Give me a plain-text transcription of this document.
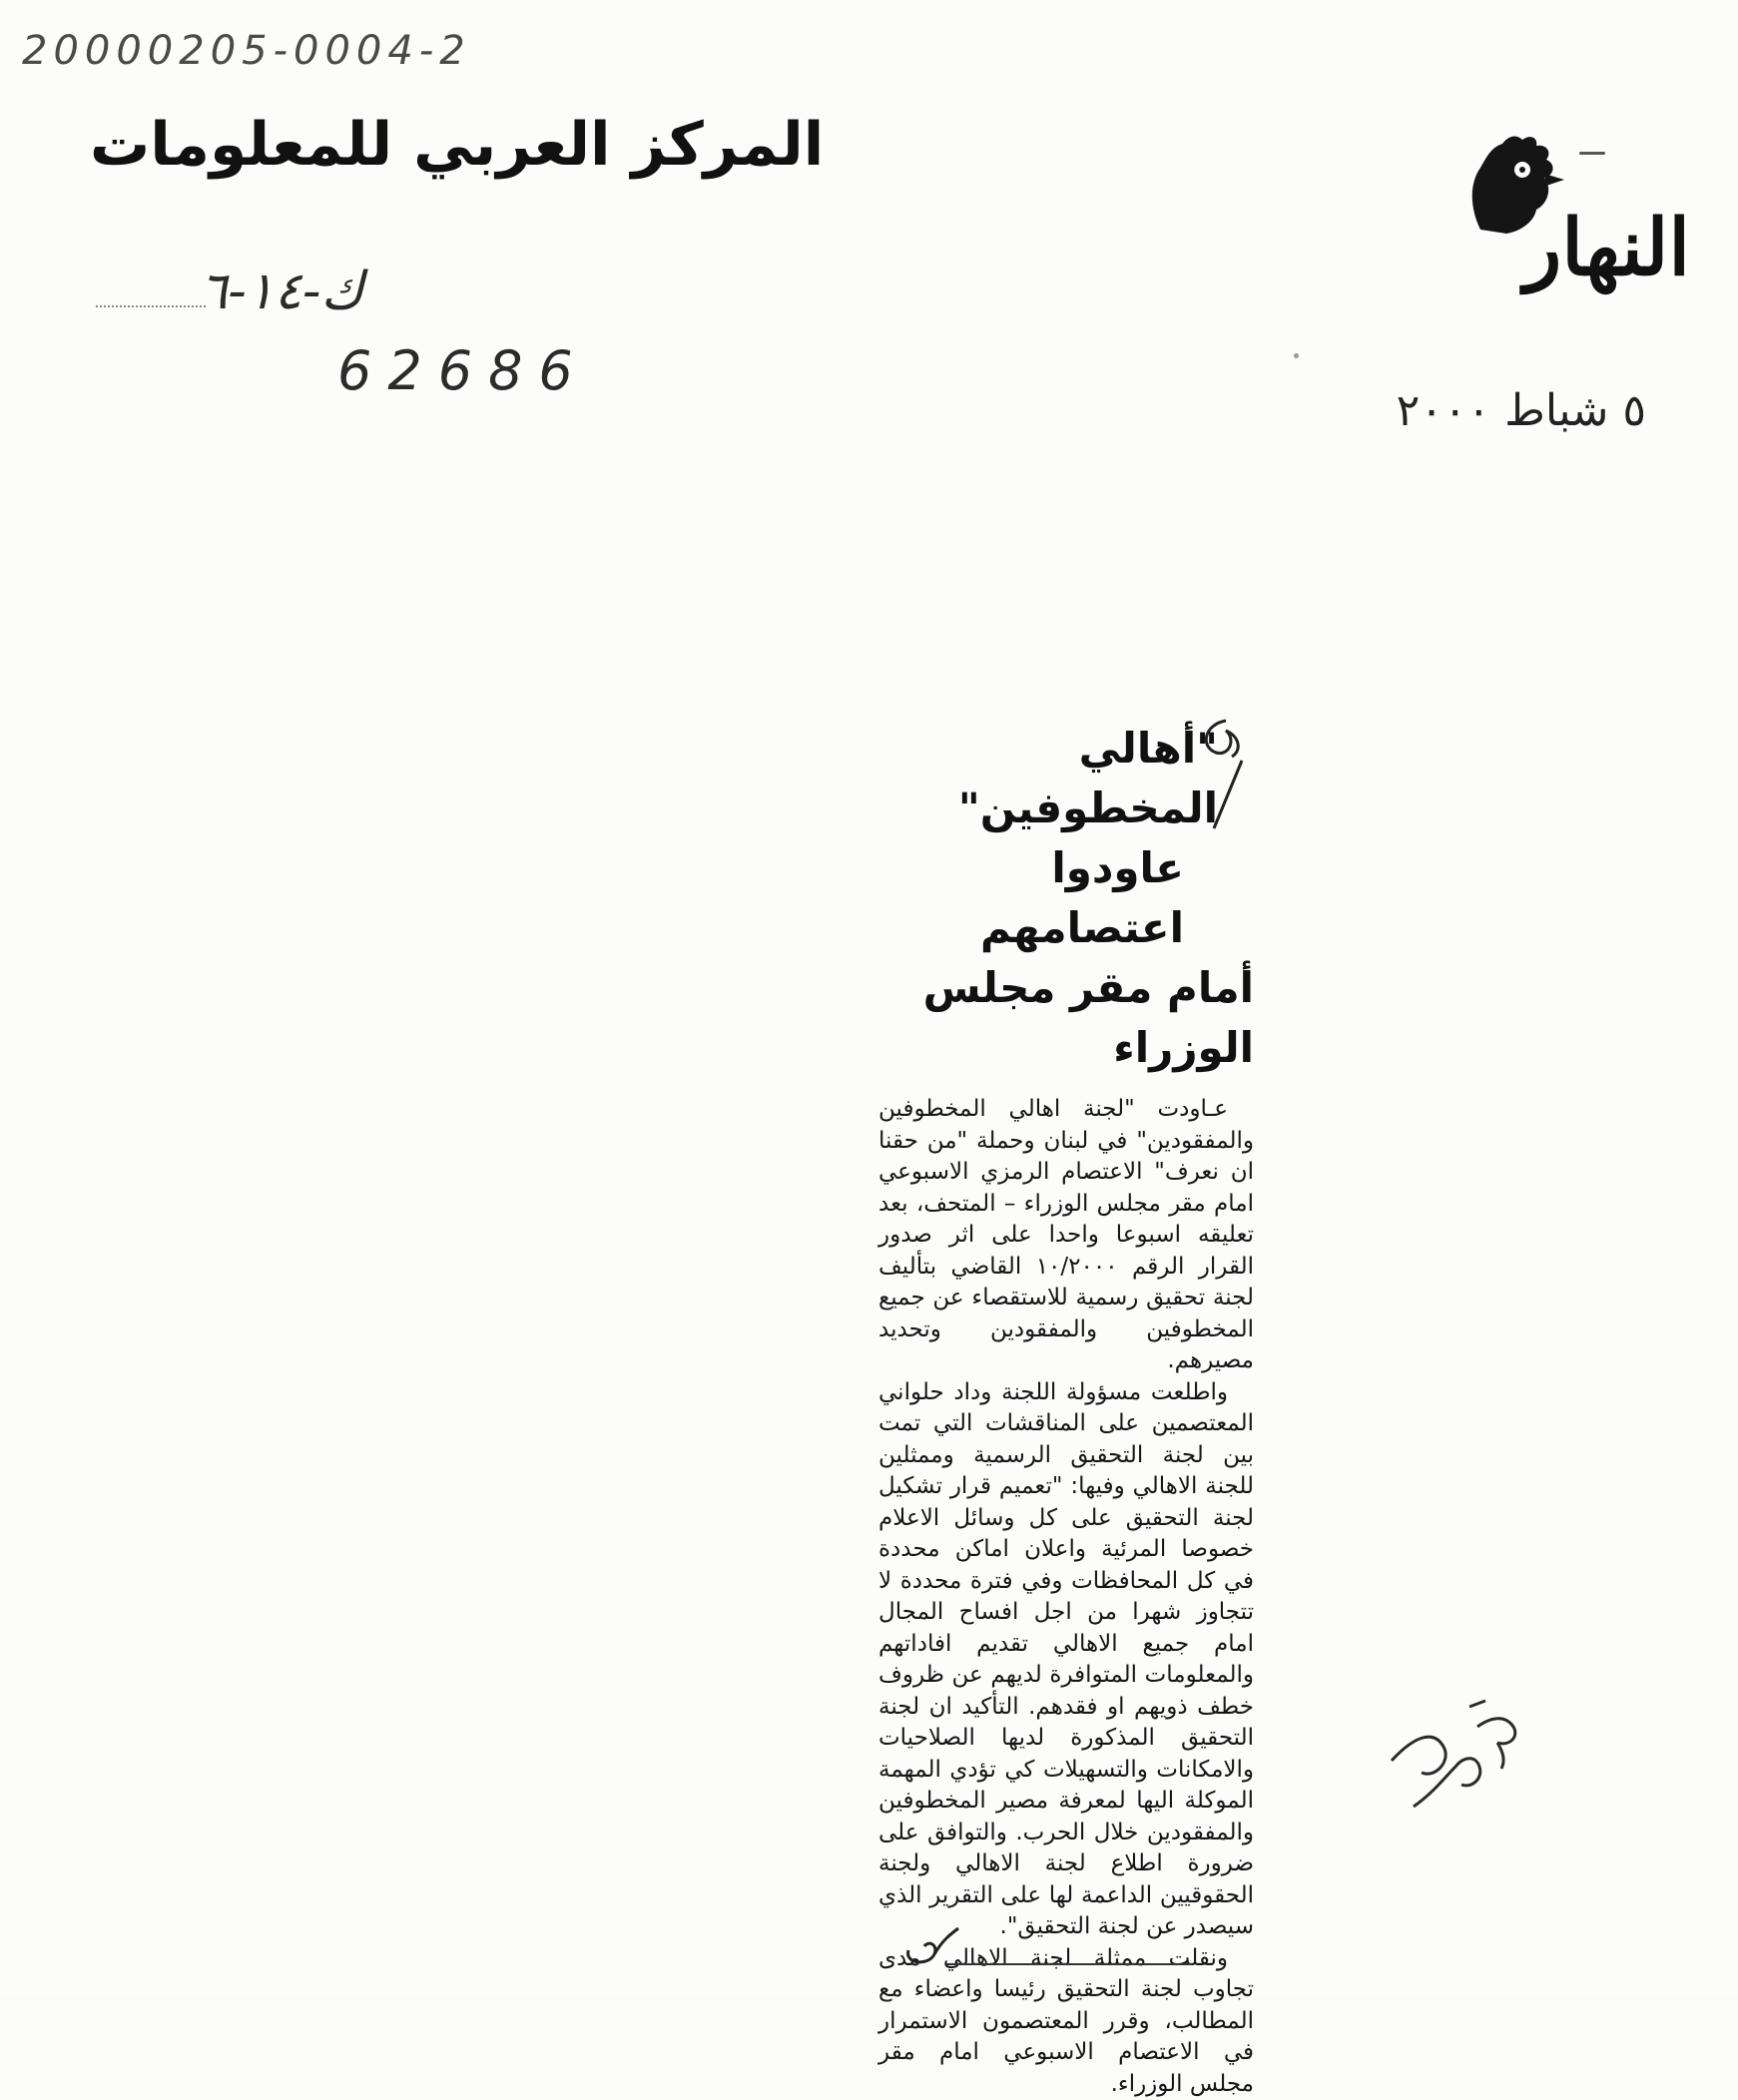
20000205-0004-2
المركز العربي للمعلومات
النهار
ك-١٤-٦
62686
٥ شباط ٢٠٠٠
"أهالي المخطوفين"
عاودوا اعتصامهم
أمام مقر مجلس الوزراء

عـاودت "لجنة اهالي المخطوفين والمفقودين" في لبنان وحملة "من حقنا ان نعرف" الاعتصام الرمزي الاسبوعي امام مقر مجلس الوزراء – المتحف، بعد تعليقه اسبوعا واحدا على اثر صدور القرار الرقم ١٠/٢٠٠٠ القاضي بتأليف لجنة تحقيق رسمية للاستقصاء عن جميع المخطوفين والمفقودين وتحديد مصيرهم.

واطلعت مسؤولة اللجنة وداد حلواني المعتصمين على المناقشات التي تمت بين لجنة التحقيق الرسمية وممثلين للجنة الاهالي وفيها: "تعميم قرار تشكيل لجنة التحقيق على كل وسائل الاعلام خصوصا المرئية واعلان اماكن محددة في كل المحافظات وفي فترة محددة لا تتجاوز شهرا من اجل افساح المجال امام جميع الاهالي تقديم افاداتهم والمعلومات المتوافرة لديهم عن ظروف خطف ذويهم او فقدهم. التأكيد ان لجنة التحقيق المذكورة لديها الصلاحيات والامكانات والتسهيلات كي تؤدي المهمة الموكلة اليها لمعرفة مصير المخطوفين والمفقودين خلال الحرب. والتوافق على ضرورة اطلاع لجنة الاهالي ولجنة الحقوقيين الداعمة لها على التقرير الذي سيصدر عن لجنة التحقيق".

ونقلت ممثلة لجنة الاهالي مدى تجاوب لجنة التحقيق رئيسا واعضاء مع المطالب، وقرر المعتصمون الاستمرار في الاعتصام الاسبوعي امام مقر مجلس الوزراء.
